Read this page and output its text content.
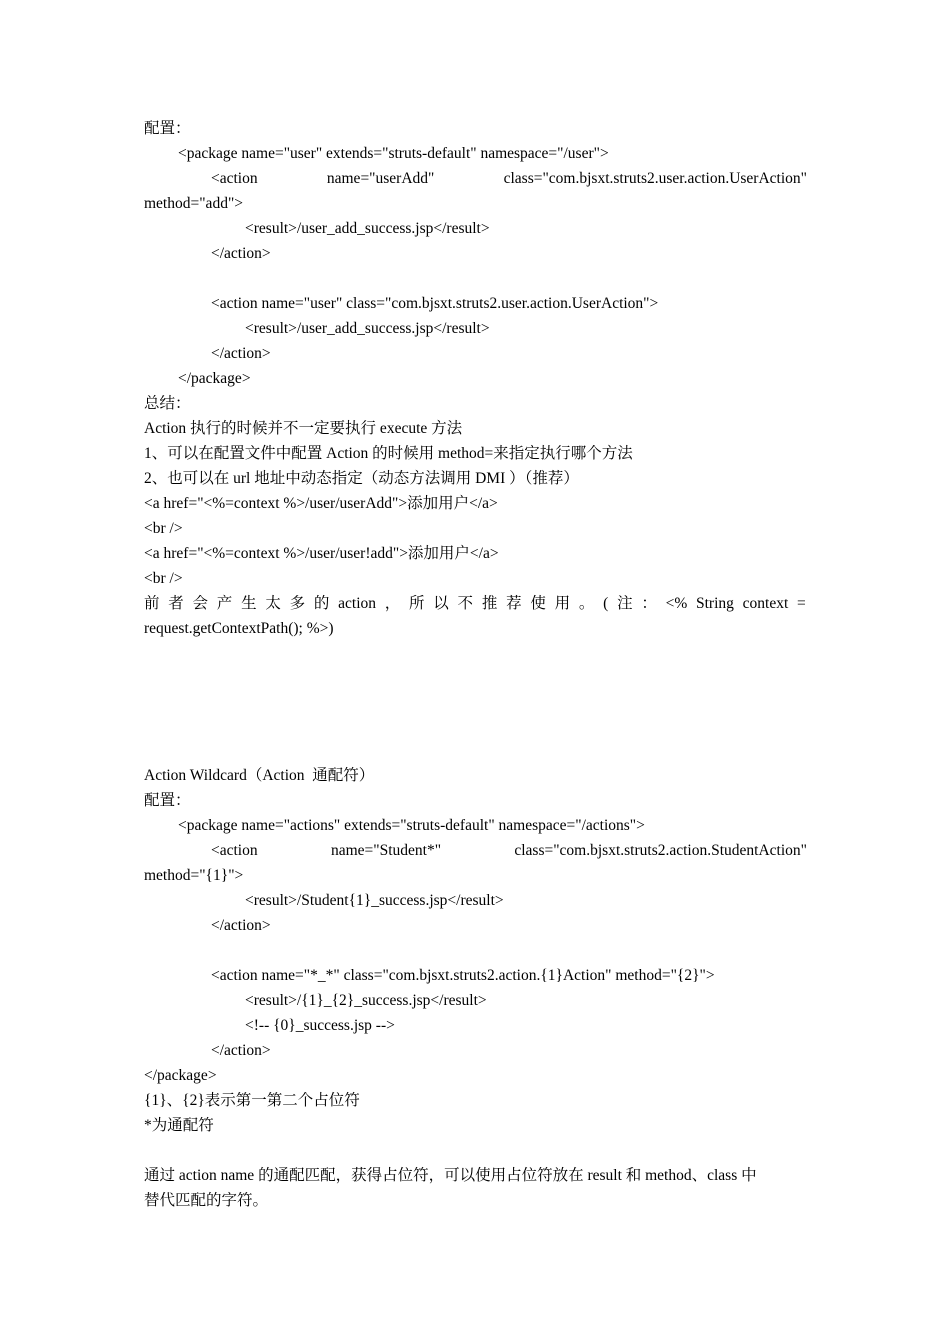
配置：
<package name="user" extends="struts-default" namespace="/user">
<action	name="userAdd"	class="com.bjsxt.struts2.user.action.UserAction"
method="add">
<result>/user_add_success.jsp</result>
</action>
<action name="user" class="com.bjsxt.struts2.user.action.UserAction">
<result>/user_add_success.jsp</result>
</action>
</package>
总结：
Action 执行的时候并不一定要执行 execute 方法
1、可以在配置文件中配置 Action 的时候用 method=来指定执行哪个方法
2、也可以在 url 地址中动态指定（动态方法调用 DMI ）（推荐）
<a href="<%=context %>/user/userAdd">添加用户</a>
<br />
<a href="<%=context %>/user/user!add">添加用户</a>
<br />
前 者 会 产 生 太 多 的 action ， 所 以 不 推 荐 使 用 。 ( 注 ： <% String context =
request.getContextPath(); %>)
Action Wildcard（Action  通配符）
配置：
<package name="actions" extends="struts-default" namespace="/actions">
<action	name="Student*"	class="com.bjsxt.struts2.action.StudentAction"
method="{1}">
<result>/Student{1}_success.jsp</result>
</action>
<action name="*_*" class="com.bjsxt.struts2.action.{1}Action" method="{2}">
<result>/{1}_{2}_success.jsp</result>
<!-- {0}_success.jsp -->
</action>
</package>
{1}、{2}表示第一第二个占位符
*为通配符
通过 action name 的通配匹配，获得占位符，可以使用占位符放在 result 和 method、class 中
替代匹配的字符。
